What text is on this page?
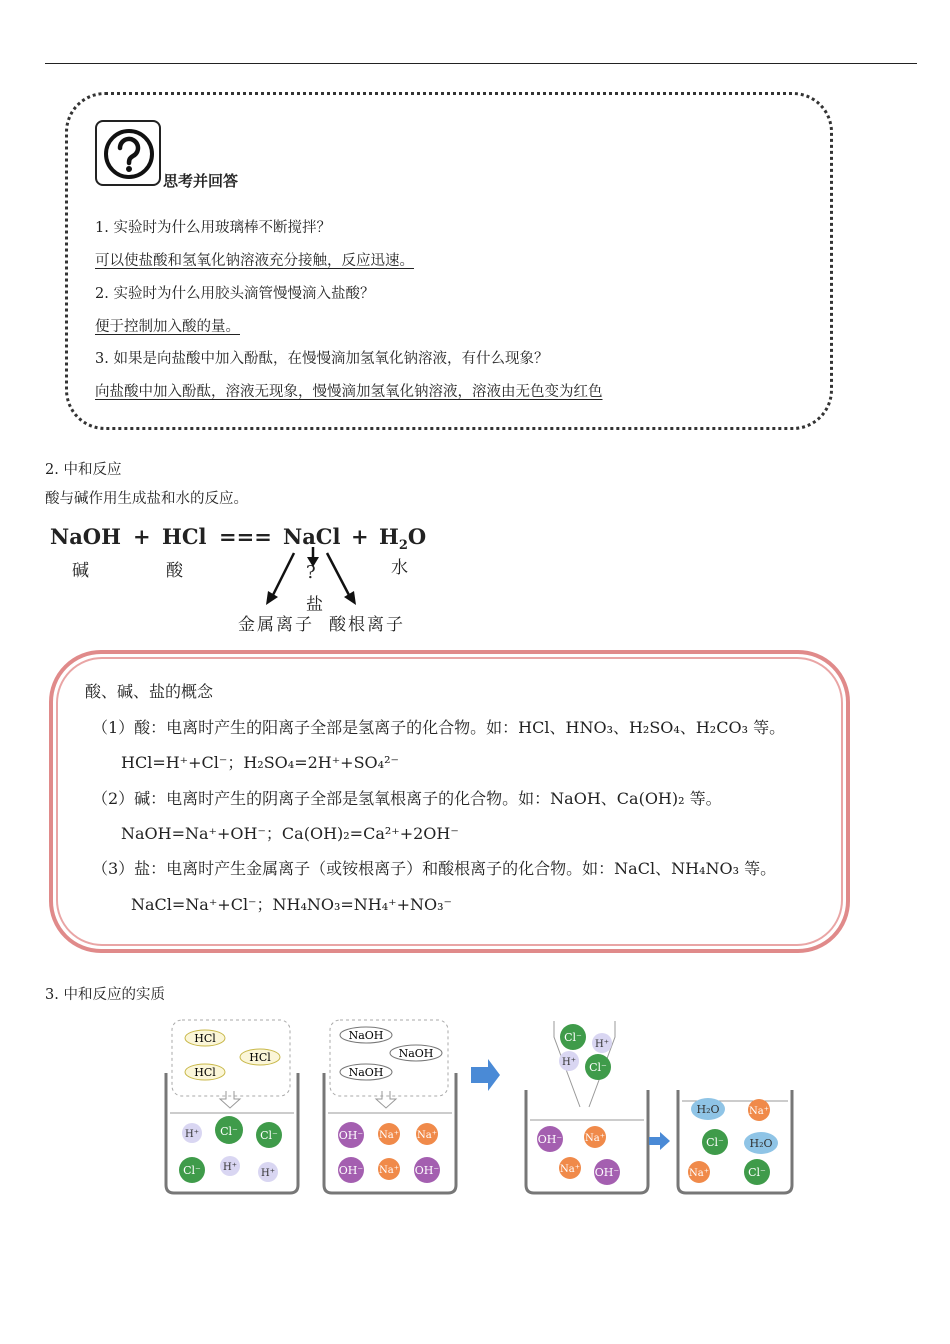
思考并回答
1. 实验时为什么用玻璃棒不断搅拌？
可以使盐酸和氢氧化钠溶液充分接触，反应迅速。
2. 实验时为什么用胶头滴管慢慢滴入盐酸？
便于控制加入酸的量。
3. 如果是向盐酸中加入酚酞，在慢慢滴加氢氧化钠溶液，有什么现象？
向盐酸中加入酚酞，溶液无现象，慢慢滴加氢氧化钠溶液，溶液由无色变为红色
2. 中和反应
酸与碱作用生成盐和水的反应。
NaOH + HCl === NaCl + $H_2O$
碱	酸	水
?
盐
金属离子 酸根离子
酸、碱、盐的概念
（1）酸：电离时产生的阳离子全部是氢离子的化合物。如：HCl、HNO₃、H₂SO₄、H₂CO₃ 等。
HCl=H⁺+Cl⁻；H₂SO₄=2H⁺+SO₄²⁻
（2）碱：电离时产生的阴离子全部是氢氧根离子的化合物。如：NaOH、Ca(OH)₂ 等。
NaOH=Na⁺+OH⁻；Ca(OH)₂=Ca²⁺+2OH⁻
（3）盐：电离时产生金属离子（或铵根离子）和酸根离子的化合物。如：NaCl、NH₄NO₃ 等。
NaCl=Na⁺+Cl⁻；NH₄NO₃=NH₄⁺+NO₃⁻
3. 中和反应的实质
HCl
HCl
HCl
H⁺ Cl⁻ Cl⁻
Cl⁻ H⁺
H⁺
NaOH
NaOH
NaOH
OH⁻ Na⁺ Na⁺
OH⁻ Na⁺ OH⁻
Cl⁻
H⁺
H⁺ Cl⁻
OH⁻ Na⁺
Na⁺ OH⁻
H₂O	Na⁺
Cl⁻ H₂O
Na⁺	Cl⁻
